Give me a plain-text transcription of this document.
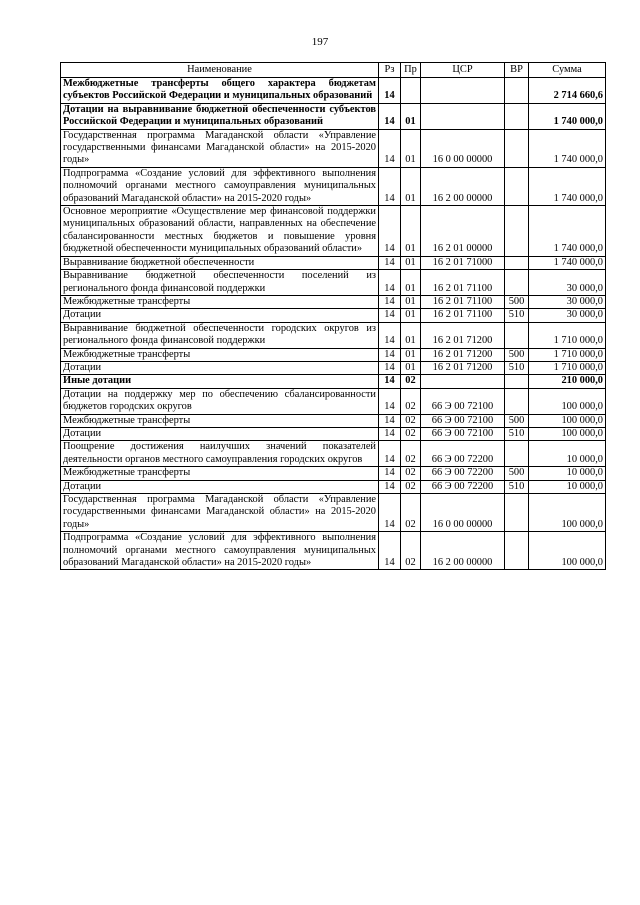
197
Наименование	Рз	Пр	ЦСР	ВР	Сумма
Межбюджетные трансферты общего характера бюджетам субъектов Российской Федерации и муниципальных образований	14				2 714 660,6
Дотации на выравнивание бюджетной обеспеченности субъектов Российской Федерации и муниципальных образований	14	01			1 740 000,0
Государственная программа Магаданской области «Управление государственными финансами Магаданской области» на 2015-2020 годы»	14	01	16 0 00 00000		1 740 000,0
Подпрограмма «Создание условий для эффективного выполнения полномочий органами местного самоуправления муниципальных образований Магаданской области» на 2015-2020 годы»	14	01	16 2 00 00000		1 740 000,0
Основное мероприятие «Осуществление мер финансовой поддержки муниципальных образований области, направленных на обеспечение сбалансированности местных бюджетов и повышение уровня бюджетной обеспеченности муниципальных образований области»	14	01	16 2 01 00000		1 740 000,0
Выравнивание бюджетной обеспеченности	14	01	16 2 01 71000		1 740 000,0
Выравнивание бюджетной обеспеченности поселений из регионального фонда финансовой поддержки	14	01	16 2 01 71100		30 000,0
Межбюджетные трансферты	14	01	16 2 01 71100	500	30 000,0
Дотации	14	01	16 2 01 71100	510	30 000,0
Выравнивание бюджетной обеспеченности городских округов из регионального фонда финансовой поддержки	14	01	16 2 01 71200		1 710 000,0
Межбюджетные трансферты	14	01	16 2 01 71200	500	1 710 000,0
Дотации	14	01	16 2 01 71200	510	1 710 000,0
Иные дотации	14	02			210 000,0
Дотации на поддержку мер по обеспечению сбалансированности бюджетов городских округов	14	02	66 Э 00 72100		100 000,0
Межбюджетные трансферты	14	02	66 Э 00 72100	500	100 000,0
Дотации	14	02	66 Э 00 72100	510	100 000,0
Поощрение достижения наилучших значений показателей деятельности органов местного самоуправления городских округов	14	02	66 Э 00 72200		10 000,0
Межбюджетные трансферты	14	02	66 Э 00 72200	500	10 000,0
Дотации	14	02	66 Э 00 72200	510	10 000,0
Государственная программа Магаданской области «Управление государственными финансами Магаданской области» на 2015-2020 годы»	14	02	16 0 00 00000		100 000,0
Подпрограмма «Создание условий для эффективного выполнения полномочий органами местного самоуправления муниципальных образований Магаданской области» на 2015-2020 годы»	14	02	16 2 00 00000		100 000,0
